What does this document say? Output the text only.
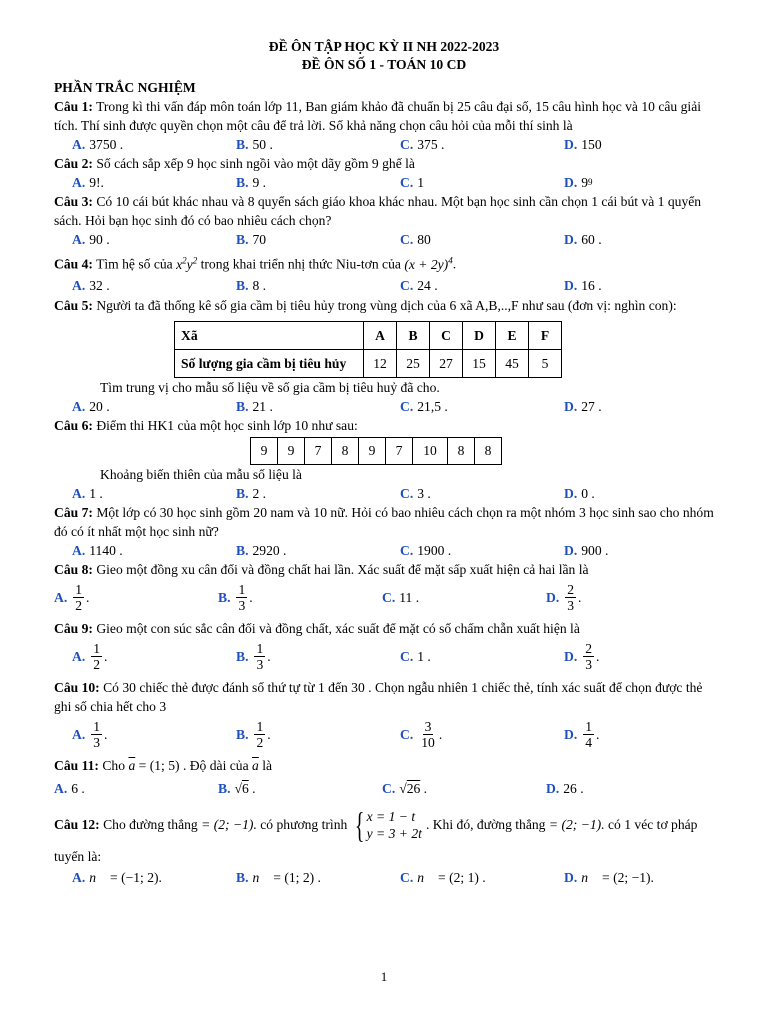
ĐỀ ÔN TẬP HỌC KỲ II NH 2022-2023
ĐỀ ÔN SỐ 1 - TOÁN 10 CD
PHẦN TRẮC NGHIỆM
Câu 1: Trong kì thi vấn đáp môn toán lớp 11, Ban giám khảo đã chuẩn bị 25 câu đại số, 15 câu hình học và 10 câu giải tích. Thí sinh được quyền chọn một câu để trả lời. Số khả năng chọn câu hỏi của mỗi thí sinh là
A. 3750 .	B. 50 .	C. 375 .	D. 150
Câu 2: Số cách sắp xếp 9 học sinh ngồi vào một dãy gồm 9 ghế là
A. 9!.	B. 9 .	C. 1	D. 9 9
Câu 3: Có 10 cái bút khác nhau và 8 quyển sách giáo khoa khác nhau. Một bạn học sinh cần chọn 1 cái bút và 1 quyển sách. Hỏi bạn học sinh đó có bao nhiêu cách chọn?
A. 90 .	B. 70	C. 80	D. 60 .
Câu 4: Tìm hệ số của $x^2y^2$ trong khai triển nhị thức Niu-tơn của $(x + 2y)^4$.
A. 32 .	B. 8 .	C. 24 .	D. 16 .
Câu 5: Người ta đã thống kê số gia cầm bị tiêu hủy trong vùng dịch của 6 xã A,B,..,F như sau (đơn vị: nghìn con):
Xã	A	B	C	D	E	F
Số lượng gia cầm bị tiêu hủy	12	25	27	15	45	5
Tìm trung vị cho mẫu số liệu về số gia cầm bị tiêu huỷ đã cho.
A. 20 .	B. 21 .	C. 21,5 .	D. 27 .
Câu 6: Điểm thi HK1 của một học sinh lớp 10 như sau:
9	9	7	8	9	7	10	8	8
Khoảng biến thiên của mẫu số liệu là
A. 1 .	B. 2 .	C. 3 .	D. 0 .
Câu 7: Một lớp có 30 học sinh gồm 20 nam và 10 nữ. Hỏi có bao nhiêu cách chọn ra một nhóm 3 học sinh sao cho nhóm đó có ít nhất một học sinh nữ?
A. 1140 .	B. 2920 .	C. 1900 .	D. 900 .
Câu 8: Gieo một đồng xu cân đối và đồng chất hai lần. Xác suất để mặt sấp xuất hiện cả hai lần là
A. $\frac{1}{2}$ .	B. $\frac{1}{3}$ .	C. 11 .	D. $\frac{2}{3}$ .
Câu 9: Gieo một con súc sắc cân đối và đồng chất, xác suất để mặt có số chấm chẵn xuất hiện là
A. $\frac{1}{2}$ .	B. $\frac{1}{3}$ .	C. 1 .	D. $\frac{2}{3}$ .
Câu 10: Có 30 chiếc thẻ được đánh số thứ tự từ 1 đến 30 . Chọn ngẫu nhiên 1 chiếc thẻ, tính xác suất để chọn được thẻ ghi số chia hết cho 3
A. $\frac{1}{3}$ .	B. $\frac{1}{2}$ .	C. $\frac{3}{10}$ .	D. $\frac{1}{4}$ .
Câu 11: Cho $\overline{a} = (1$; 5) . Độ dài của $\overline{a}$ là
A. 6 .	B. √ 6 .	C. √ 26 .	D. 26 .
Câu 12:
Cho đường thẳng
= (2; −1).
có phương trình { x = 1 − t
y = 3 + 2t
. Khi đó, đường thẳng
= (2; −1).
có 1 véc tơ pháp
tuyến là:
A. n⃗
= (−1; 2).	B. n⃗
= (1; 2) .	C. n⃗
= (2; 1) .	D. n⃗
= (2; −1).
1
